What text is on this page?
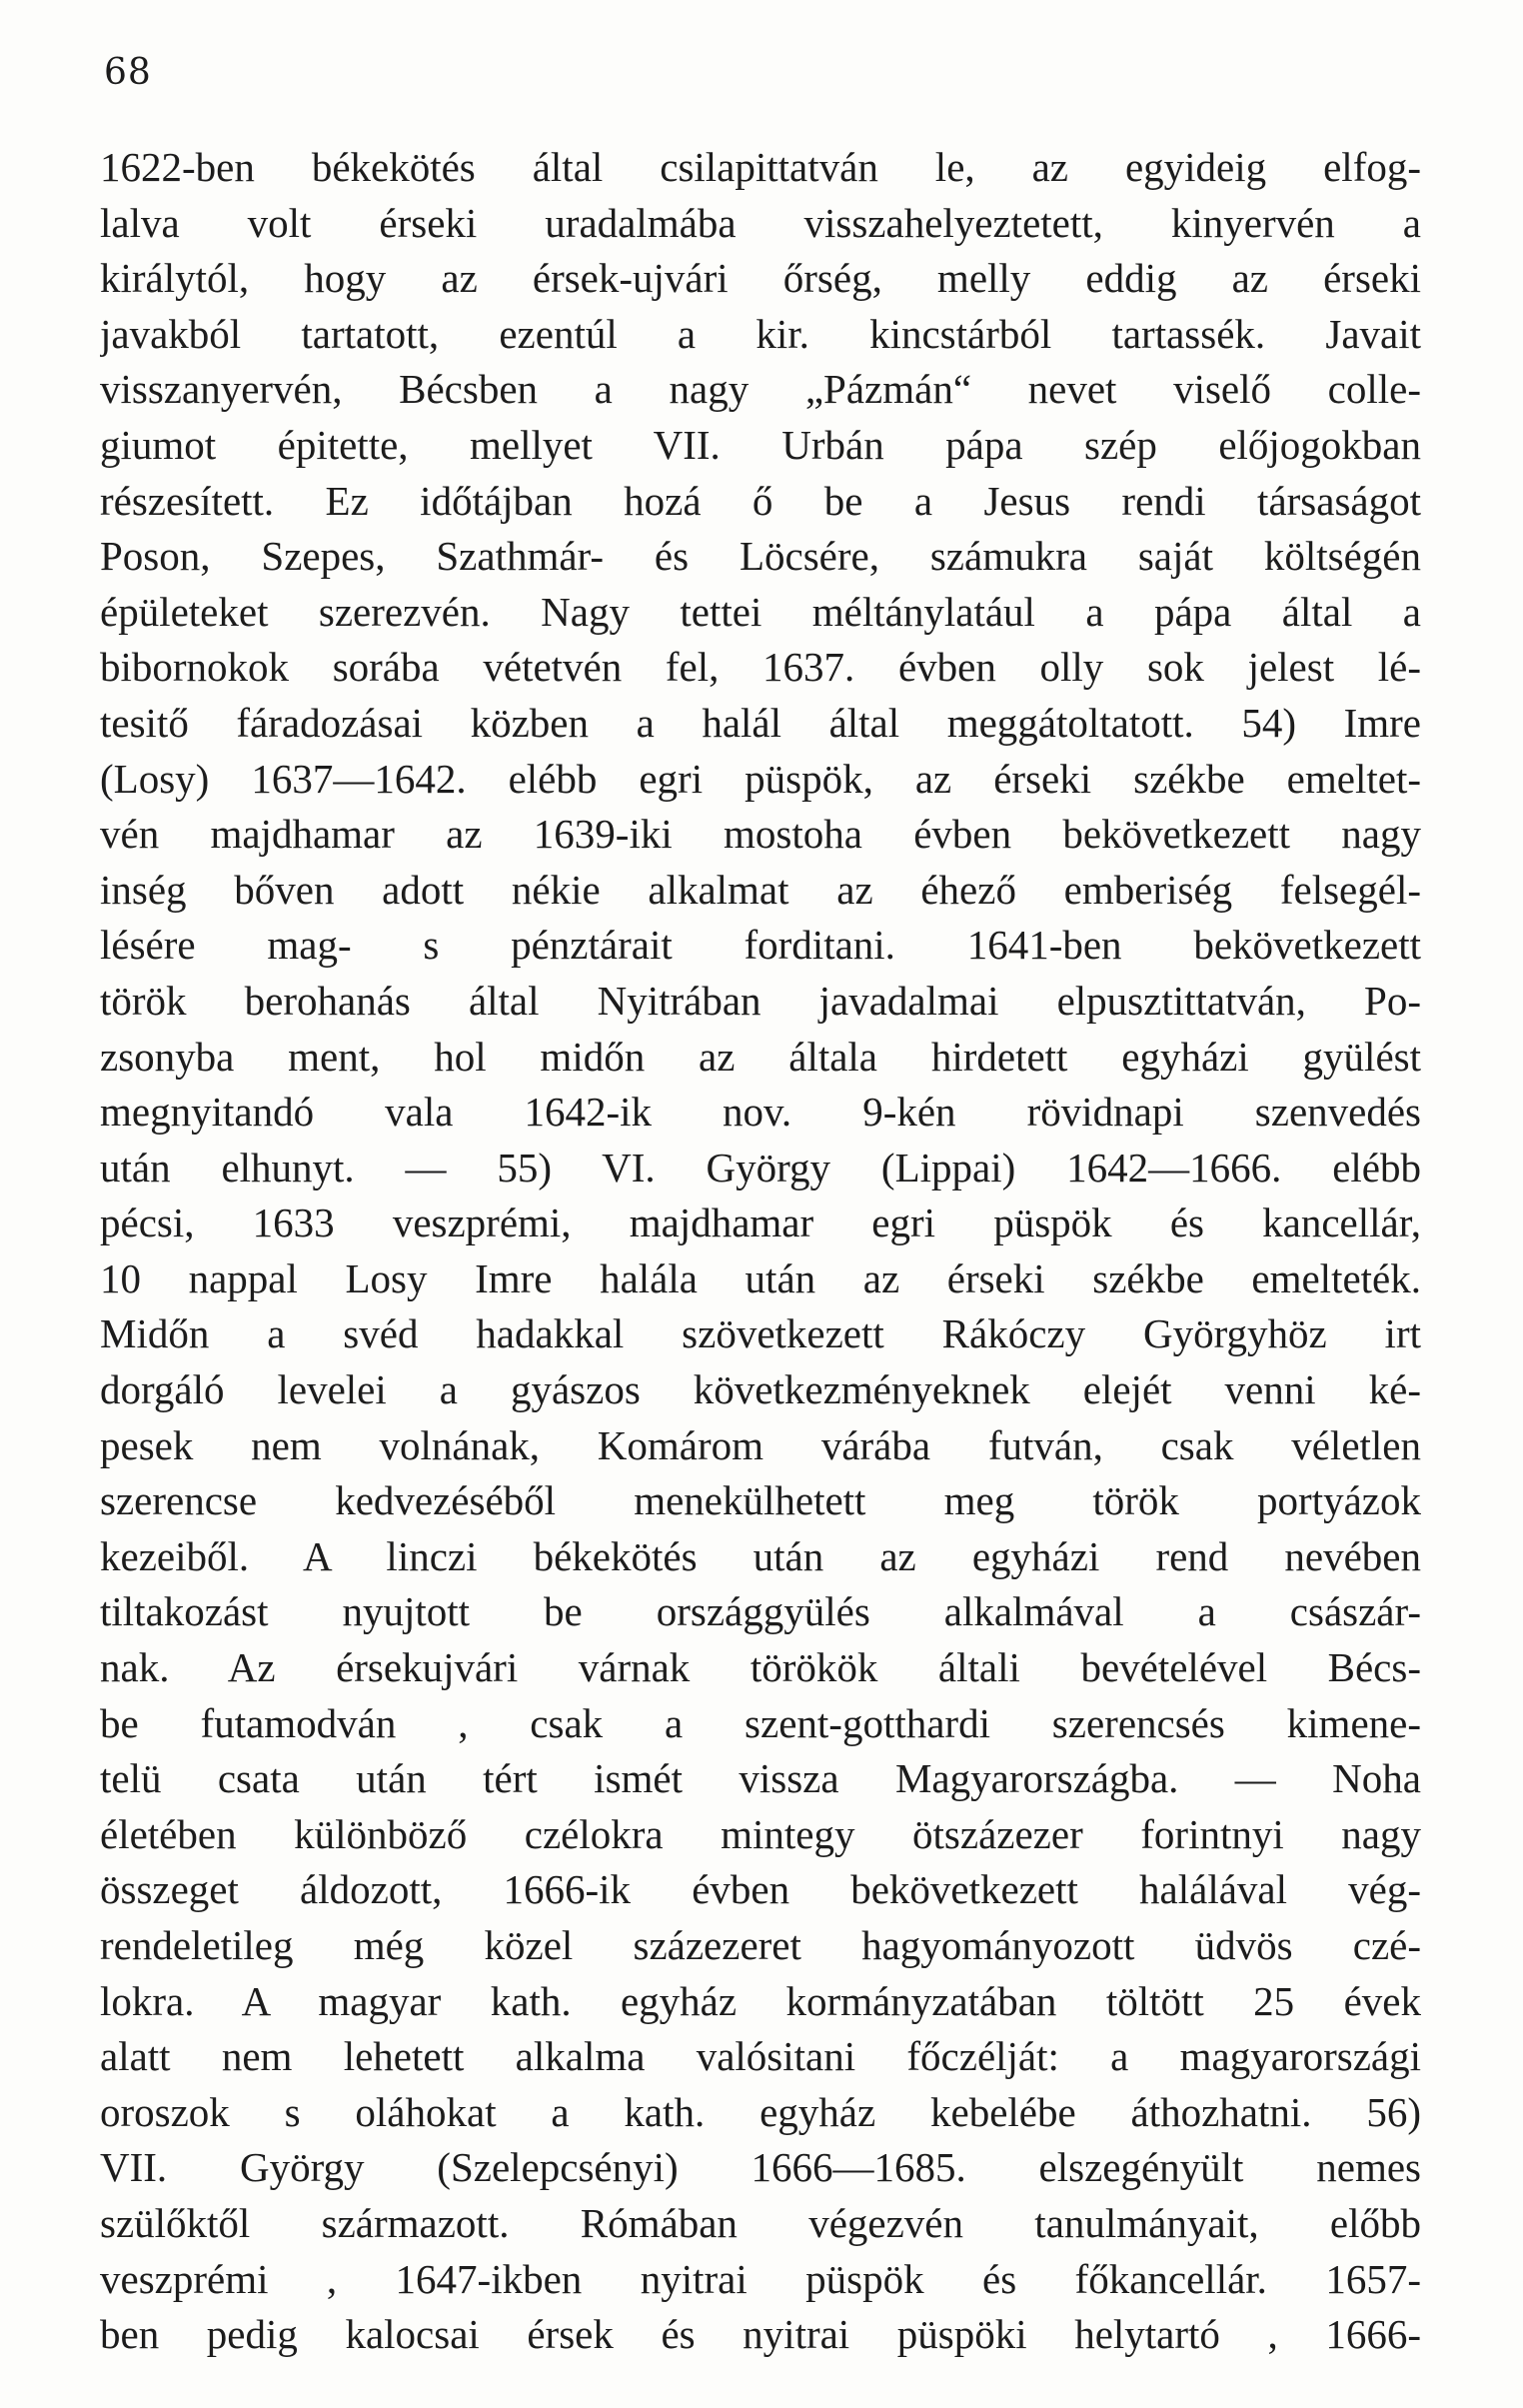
68
1622-ben békekötés által csilapittatván le, az egyideig elfog-
lalva volt érseki uradalmába visszahelyeztetett, kinyervén a
királytól, hogy az érsek-ujvári őrség, melly eddig az érseki
javakból tartatott, ezentúl a kir. kincstárból tartassék. Javait
visszanyervén, Bécsben a nagy „Pázmán“ nevet viselő colle-
giumot épitette, mellyet VII. Urbán pápa szép előjogokban
részesített. Ez időtájban hozá ő be a Jesus rendi társaságot
Poson, Szepes, Szathmár- és Löcsére, számukra saját költségén
épületeket szerezvén. Nagy tettei méltánylatául a pápa által a
bibornokok sorába vétetvén fel, 1637. évben olly sok jelest lé-
tesitő fáradozásai közben a halál által meggátoltatott. 54) Imre
(Losy) 1637—1642. elébb egri püspök, az érseki székbe emeltet-
vén majdhamar az 1639-iki mostoha évben bekövetkezett nagy
inség bőven adott nékie alkalmat az éhező emberiség felsegél-
lésére mag- s pénztárait forditani. 1641-ben bekövetkezett
török berohanás által Nyitrában javadalmai elpusztittatván, Po-
zsonyba ment, hol midőn az általa hirdetett egyházi gyülést
megnyitandó vala 1642-ik nov. 9-kén rövidnapi szenvedés
után elhunyt. — 55) VI. György (Lippai) 1642—1666. elébb
pécsi, 1633 veszprémi, majdhamar egri püspök és kancellár,
10 nappal Losy Imre halála után az érseki székbe emelteték.
Midőn a svéd hadakkal szövetkezett Rákóczy Györgyhöz irt
dorgáló levelei a gyászos következményeknek elejét venni ké-
pesek nem volnának, Komárom várába futván, csak véletlen
szerencse kedvezéséből menekülhetett meg török portyázok
kezeiből. A linczi békekötés után az egyházi rend nevében
tiltakozást nyujtott be országgyülés alkalmával a császár-
nak. Az érsekujvári várnak törökök általi bevételével Bécs-
be futamodván , csak a szent-gotthardi szerencsés kimene-
telü csata után tért ismét vissza Magyarországba. — Noha
életében különböző czélokra mintegy ötszázezer forintnyi nagy
összeget áldozott, 1666-ik évben bekövetkezett halálával vég-
rendeletileg még közel százezeret hagyományozott üdvös czé-
lokra. A magyar kath. egyház kormányzatában töltött 25 évek
alatt nem lehetett alkalma valósitani főczélját: a magyarországi
oroszok s oláhokat a kath. egyház kebelébe áthozhatni. 56)
VII. György (Szelepcsényi) 1666—1685. elszegényült nemes
szülőktől származott. Rómában végezvén tanulmányait, előbb
veszprémi , 1647-ikben nyitrai püspök és főkancellár. 1657-
ben pedig kalocsai érsek és nyitrai püspöki helytartó , 1666-
